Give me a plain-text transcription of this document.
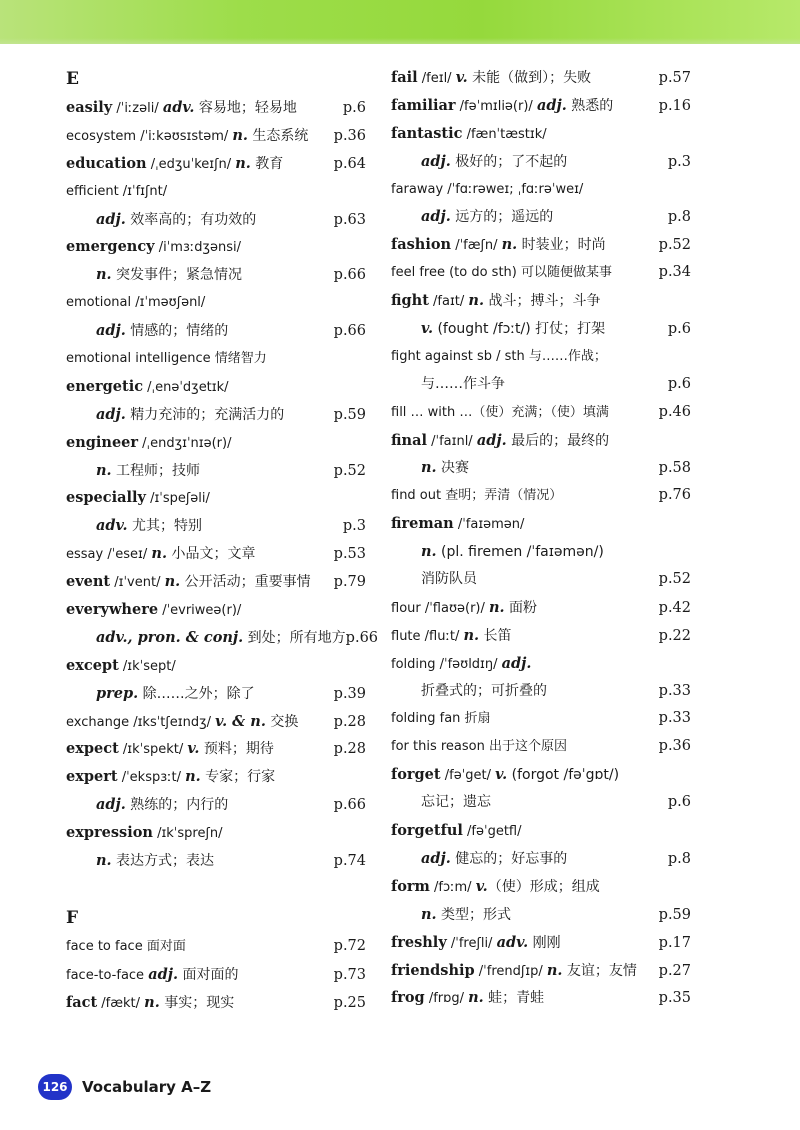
E
easily /ˈiːzəli/ adv. 容易地；轻易地	p.6
ecosystem /ˈiːkəʊsɪstəm/ n. 生态系统	p.36
education /ˌedʒuˈkeɪʃn/ n. 教育	p.64
efficient /ɪˈfɪʃnt/
adj. 效率高的；有功效的	p.63
emergency /iˈmɜːdʒənsi/
n. 突发事件；紧急情况	p.66
emotional /ɪˈməʊʃənl/
adj. 情感的；情绪的	p.66
emotional intelligence 情绪智力
energetic /ˌenəˈdʒetɪk/
adj. 精力充沛的；充满活力的	p.59
engineer /ˌendʒɪˈnɪə(r)/
n. 工程师；技师	p.52
especially /ɪˈspeʃəli/
adv. 尤其；特别	p.3
essay /ˈeseɪ/ n. 小品文；文章	p.53
event /ɪˈvent/ n. 公开活动；重要事情	p.79
everywhere /ˈevriweə(r)/
adv., pron. & conj. 到处；所有地方 p.66
except /ɪkˈsept/
prep. 除……之外；除了	p.39
exchange /ɪksˈtʃeɪndʒ/ v. & n. 交换	p.28
expect /ɪkˈspekt/ v. 预料；期待	p.28
expert /ˈekspɜːt/ n. 专家；行家
adj. 熟练的；内行的	p.66
expression /ɪkˈspreʃn/
n. 表达方式；表达	p.74
F
face to face 面对面	p.72
face-to-face adj. 面对面的	p.73
fact /fækt/ n. 事实；现实	p.25
fail /feɪl/ v. 未能（做到）；失败	p.57
familiar /fəˈmɪliə(r)/ adj. 熟悉的	p.16
fantastic /fænˈtæstɪk/
adj. 极好的；了不起的	p.3
faraway /ˈfɑːrəweɪ; ˌfɑːrəˈweɪ/
adj. 远方的；遥远的	p.8
fashion /ˈfæʃn/ n. 时装业；时尚	p.52
feel free (to do sth) 可以随便做某事	p.34
fight /faɪt/ n. 战斗；搏斗；斗争
v. (fought /fɔːt/) 打仗；打架	p.6
fight against sb / sth 与……作战；
与……作斗争	p.6
fill … with …（使）充满；（使）填满	p.46
final /ˈfaɪnl/ adj. 最后的；最终的
n. 决赛	p.58
find out 查明；弄清（情况）	p.76
fireman /ˈfaɪəmən/
n. (pl. firemen /ˈfaɪəmən/)
消防队员	p.52
flour /ˈflaʊə(r)/ n. 面粉	p.42
flute /fluːt/ n. 长笛	p.22
folding /ˈfəʊldɪŋ/ adj.
折叠式的；可折叠的	p.33
folding fan 折扇	p.33
for this reason 出于这个原因	p.36
forget /fəˈget/ v. (forgot /fəˈgɒt/)
忘记；遗忘	p.6
forgetful /fəˈgetfl/
adj. 健忘的；好忘事的	p.8
form /fɔːm/ v.（使）形成；组成
n. 类型；形式	p.59
freshly /ˈfreʃli/ adv. 刚刚	p.17
friendship /ˈfrendʃɪp/ n. 友谊；友情	p.27
frog /frɒg/ n. 蛙；青蛙	p.35
126 Vocabulary A–Z
